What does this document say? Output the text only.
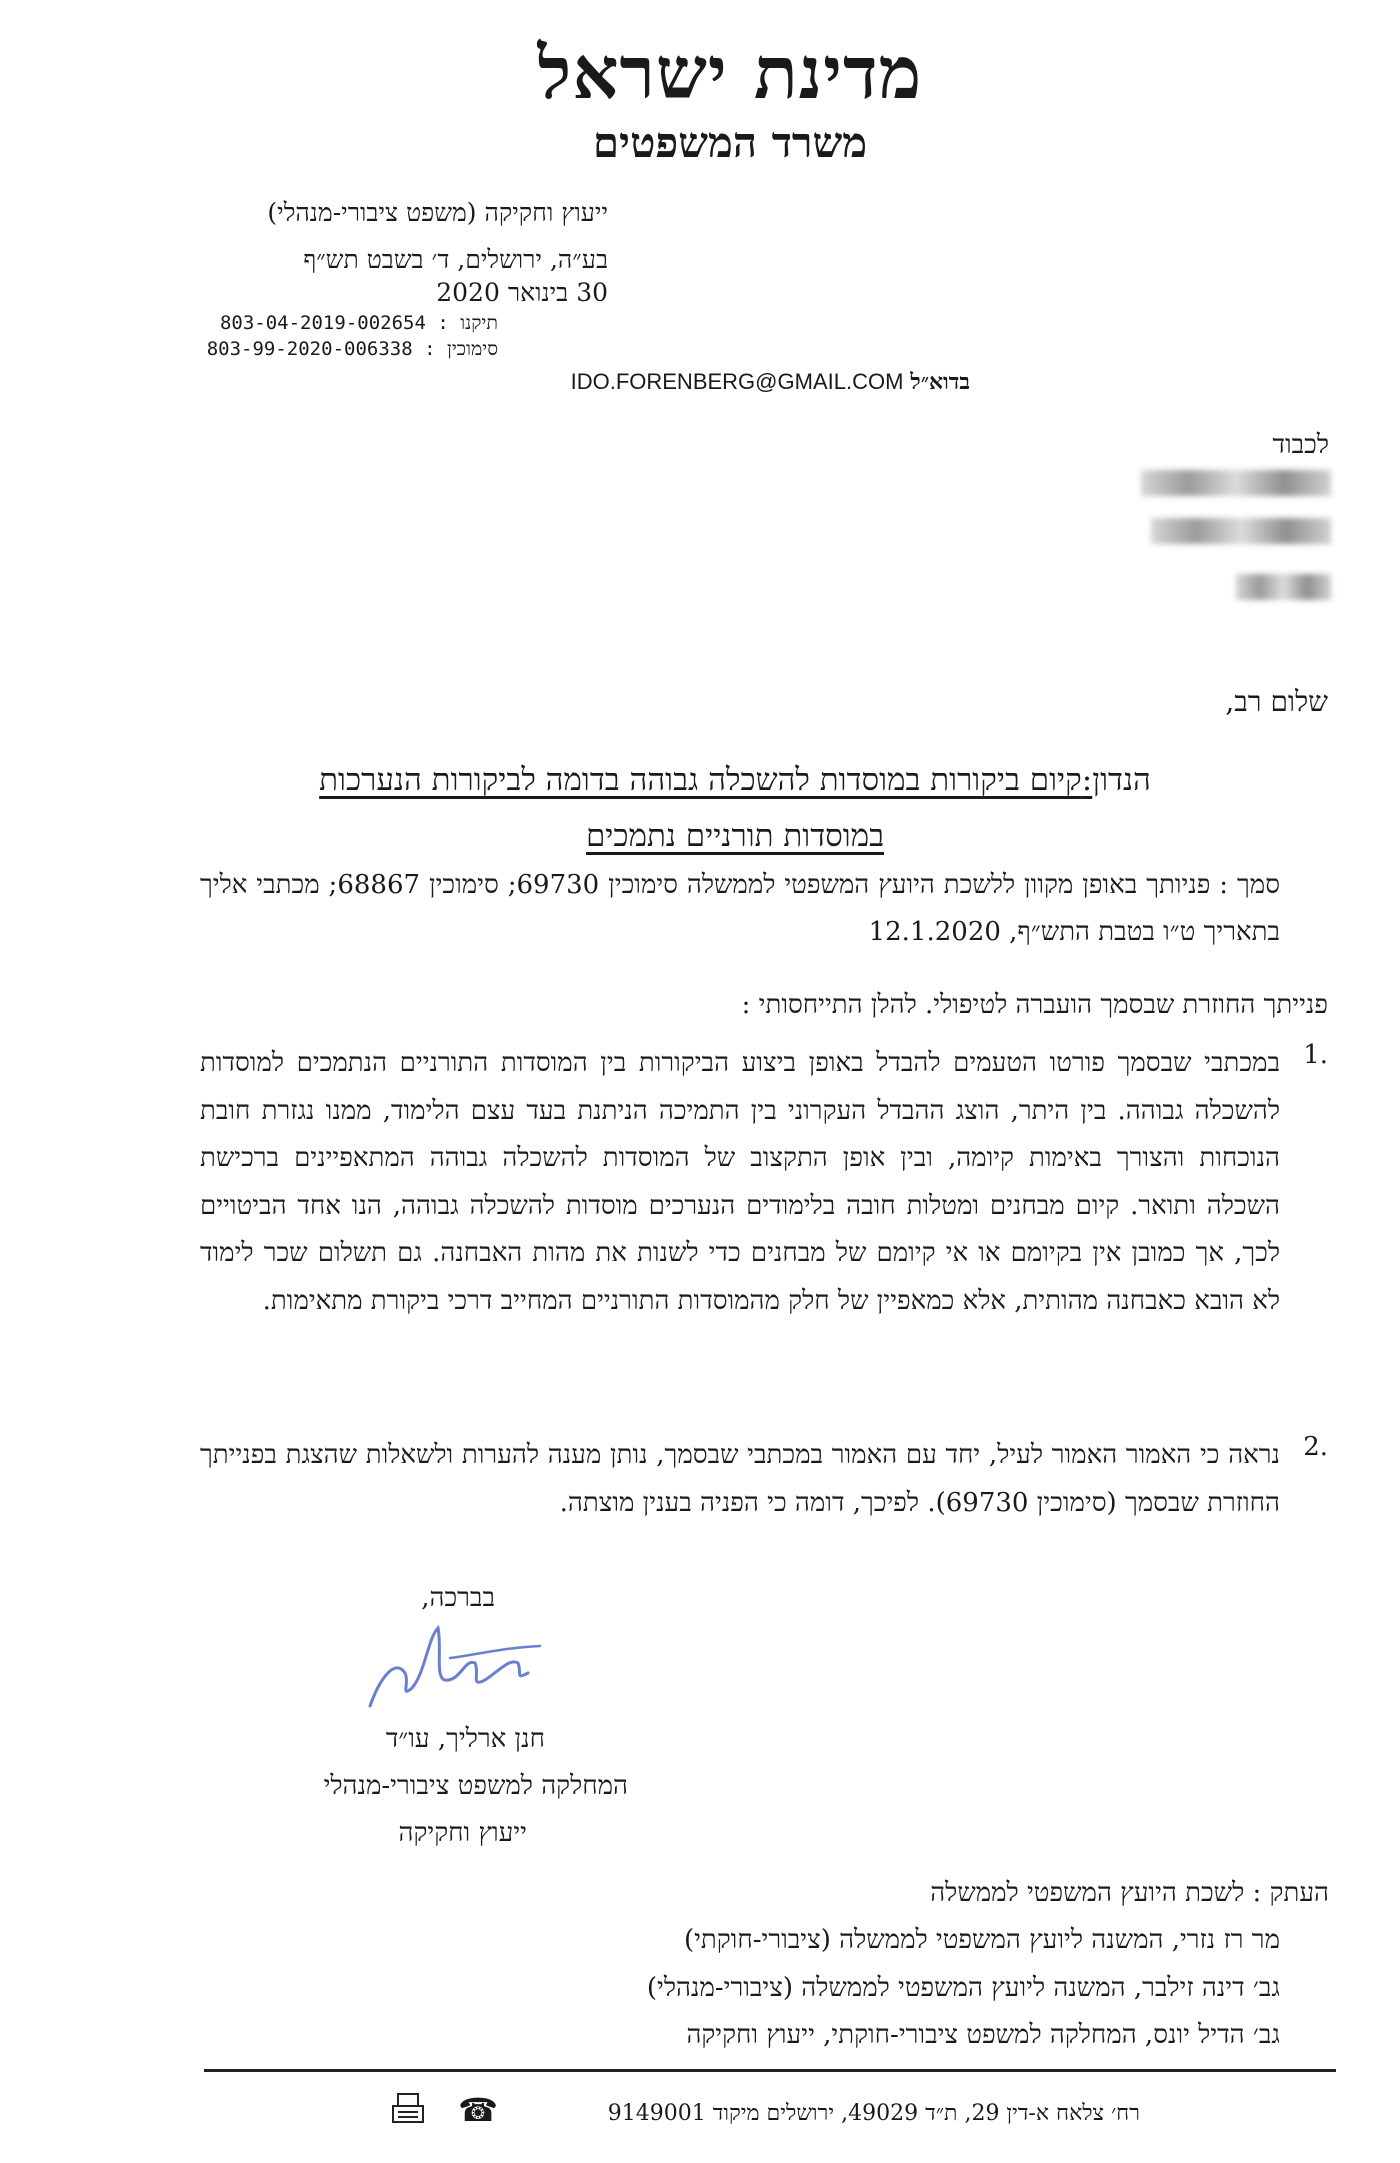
מדינת ישראל
משרד המשפטים
ייעוץ וחקיקה (משפט ציבורי-מנהלי)
בע״ה, ירושלים, ד׳ בשבט תש״ף
30 בינואר 2020
תיקנו : 803-04-2019-002654
סימוכין : 803-99-2020-006338
בדוא״ל IDO.FORENBERG@GMAIL.COM
לכבוד
שלום רב,
הנדון:קיום ביקורות במוסדות להשכלה גבוהה בדומה לביקורות הנערכות
במוסדות תורניים נתמכים
סמך : פניותך באופן מקוון ללשכת היועץ המשפטי לממשלה סימוכין 69730; סימוכין 68867; מכתבי אליך בתאריך ט״ו בטבת התש״ף, 12.1.2020
פנייתך החוזרת שבסמך הועברה לטיפולי. להלן התייחסותי :
1.
במכתבי שבסמך פורטו הטעמים להבדל באופן ביצוע הביקורות בין המוסדות התורניים הנתמכים למוסדות להשכלה גבוהה. בין היתר, הוצג ההבדל העקרוני בין התמיכה הניתנת בעד עצם הלימוד, ממנו נגזרת חובת הנוכחות והצורך באימות קיומה, ובין אופן התקצוב של המוסדות להשכלה גבוהה המתאפיינים ברכישת השכלה ותואר. קיום מבחנים ומטלות חובה בלימודים הנערכים מוסדות להשכלה גבוהה, הנו אחד הביטויים לכך, אך כמובן אין בקיומם או אי קיומם של מבחנים כדי לשנות את מהות האבחנה. גם תשלום שכר לימוד לא הובא כאבחנה מהותית, אלא כמאפיין של חלק מהמוסדות התורניים המחייב דרכי ביקורת מתאימות.
2.
נראה כי האמור האמור לעיל, יחד עם האמור במכתבי שבסמך, נותן מענה להערות ולשאלות שהצגת בפנייתך החוזרת שבסמך (סימוכין 69730). לפיכך, דומה כי הפניה בענין מוצתה.
בברכה,
חנן ארליך, עו״ד
המחלקה למשפט ציבורי-מנהלי
ייעוץ וחקיקה
העתק : לשכת היועץ המשפטי לממשלה
מר רז נזרי, המשנה ליועץ המשפטי לממשלה (ציבורי-חוקתי)
גב׳ דינה זילבר, המשנה ליועץ המשפטי לממשלה (ציבורי-מנהלי)
גב׳ הדיל יונס, המחלקה למשפט ציבורי-חוקתי, ייעוץ וחקיקה
רח׳ צלאח א-דין 29, ת״ד 49029, ירושלים מיקוד 9149001
☎
